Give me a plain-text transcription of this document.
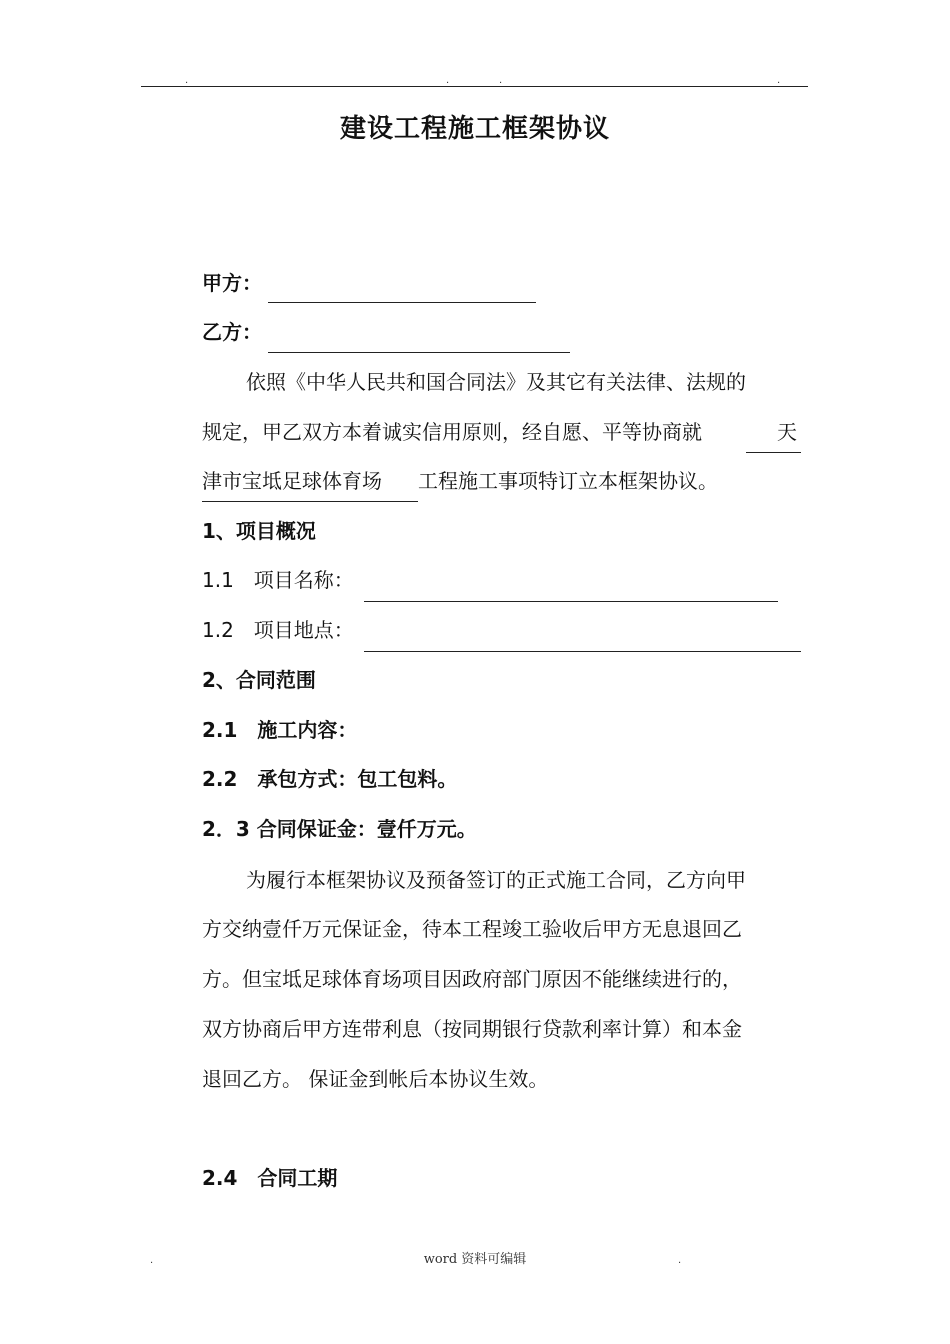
.	.	.	.
建设工程施工框架协议
甲方：
乙方：
依照《中华人民共和国合同法》及其它有关法律、法规的
规定，甲乙双方本着诚实信用原则，经自愿、平等协商就	天
津市宝坻足球体育场 工程施工事项特订立本框架协议。
1、项目概况
1.1　项目名称：
1.2　项目地点：
2、合同范围
2.1　施工内容：
2.2　承包方式：包工包料。
2．3 合同保证金：壹仟万元。
为履行本框架协议及预备签订的正式施工合同，乙方向甲
方交纳壹仟万元保证金，待本工程竣工验收后甲方无息退回乙
方。但宝坻足球体育场项目因政府部门原因不能继续进行的，
双方协商后甲方连带利息（按同期银行贷款利率计算）和本金
退回乙方。 保证金到帐后本协议生效。
2.4　合同工期
.	word 资料可编辑	.
